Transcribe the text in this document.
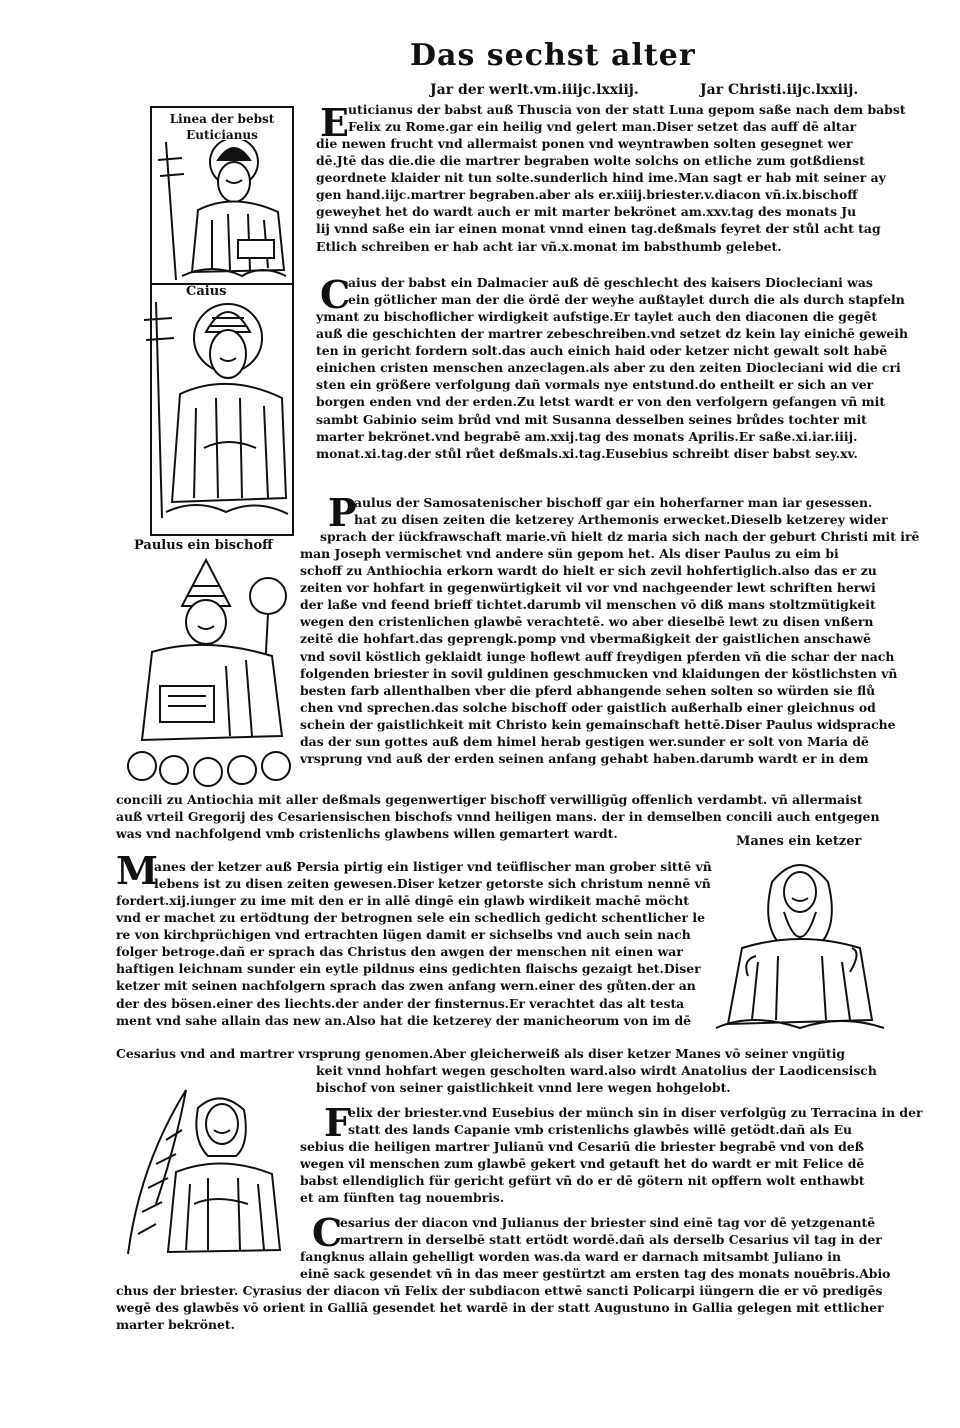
Das sechst alter
Jar der werlt.vm.iiijc.lxxiij.	Jar Christi.iijc.lxxiij.
Linea der bebst
Euticianus
Caius
Paulus ein bischoff
E uticianus der babst auß Thuscia von der statt Luna gepom saße nach dem babst
Felix zu Rome.gar ein heilig vnd gelert man.Diser setzet das auff dē altar
die newen frucht vnd allermaist ponen vnd weyntrawben solten gesegnet wer
dē.Jtē das die.die die martrer begraben wolte solchs on etliche zum gotßdienst
geordnete klaider nit tun solte.sunderlich hind ime.Man sagt er hab mit seiner ay
gen hand.iijc.martrer begraben.aber als er.xiiij.briester.v.diacon vñ.ix.bischoff
geweyhet het do wardt auch er mit marter bekrönet am.xxv.tag des monats Ju
lij vnnd saße ein iar einen monat vnnd einen tag.deßmals feyret der stůl acht tag
Etlich schreiben er hab acht iar vñ.x.monat im babsthumb gelebet.
C
aius der babst ein Dalmacier auß dē geschlecht des kaisers Diocleciani was
ein götlicher man der die ördē der weyhe außtaylet durch die als durch stapfeln
ymant zu bischoflicher wirdigkeit aufstige.Er taylet auch den diaconen die gegēt
auß die geschichten der martrer zebeschreiben.vnd setzet dz kein lay einichē geweih
ten in gericht fordern solt.das auch einich haid oder ketzer nicht gewalt solt habē
einichen cristen menschen anzeclagen.als aber zu den zeiten Diocleciani wid die cri
sten ein größere verfolgung dañ vormals nye entstund.do entheilt er sich an ver
borgen enden vnd der erden.Zu letst wardt er von den verfolgern gefangen vñ mit
sambt Gabinio seim brůd vnd mit Susanna desselben seines brůdes tochter mit
marter bekrönet.vnd begrabē am.xxij.tag des monats Aprilis.Er saße.xi.iar.iiij.
monat.xi.tag.der stůl růet deßmals.xi.tag.Eusebius schreibt diser babst sey.xv.
P
aulus der Samosatenischer bischoff gar ein hoherfarner man iar gesessen.
hat zu disen zeiten die ketzerey Arthemonis erwecket.Dieselb ketzerey wider
sprach der iückfrawschaft marie.vñ hielt dz maria sich nach der geburt Christi mit irē
man Joseph vermischet vnd andere sün gepom het. Als diser Paulus zu eim bi
schoff zu Anthiochia erkorn wardt do hielt er sich zevil hohfertiglich.also das er zu
zeiten vor hohfart in gegenwürtigkeit vil vor vnd nachgeender lewt schriften herwi
der laße vnd feend brieff tichtet.darumb vil menschen vō diß mans stoltzmütigkeit
wegen den cristenlichen glawbē verachtetē. wo aber dieselbē lewt zu disen vnßern
zeitē die hohfart.das geprengk.pomp vnd vbermaßigkeit der gaistlichen anschawē
vnd sovil köstlich geklaidt iunge hoflewt auff freydigen pferden vñ die schar der nach
folgenden briester in sovil guldinen geschmucken vnd klaidungen der köstlichsten vñ
besten farb allenthalben vber die pferd abhangende sehen solten so würden sie flů
chen vnd sprechen.das solche bischoff oder gaistlich außerhalb einer gleichnus od
schein der gaistlichkeit mit Christo kein gemainschaft hettē.Diser Paulus widsprache
das der sun gottes auß dem himel herab gestigen wer.sunder er solt von Maria dē
vrsprung vnd auß der erden seinen anfang gehabt haben.darumb wardt er in dem
concili zu Antiochia mit aller deßmals gegenwertiger bischoff verwilligūg offenlich verdambt. vñ allermaist
auß vrteil Gregorij des Cesariensischen bischofs vnnd heiligen mans. der in demselben concili auch entgegen
was vnd nachfolgend vmb cristenlichs glawbens willen gemartert wardt.
Manes ein ketzer
M
anes der ketzer auß Persia pirtig ein listiger vnd teüflischer man grober sittē vñ
lebens ist zu disen zeiten gewesen.Diser ketzer getorste sich christum nennē vñ
fordert.xij.iunger zu ime mit den er in allē dingē ein glawb wirdikeit machē möcht
vnd er machet zu ertödtung der betrognen sele ein schedlich gedicht schentlicher le
re von kirchprüchigen vnd ertrachten lügen damit er sichselbs vnd auch sein nach
folger betroge.dañ er sprach das Christus den awgen der menschen nit einen war
haftigen leichnam sunder ein eytle pildnus eins gedichten flaischs gezaigt het.Diser
ketzer mit seinen nachfolgern sprach das zwen anfang wern.einer des gůten.der an
der des bösen.einer des liechts.der ander der finsternus.Er verachtet das alt testa
ment vnd sahe allain das new an.Also hat die ketzerey der manicheorum von im dē
Cesarius vnd and martrer vrsprung genomen.Aber gleicherweiß als diser ketzer Manes vō seiner vngütig
keit vnnd hohfart wegen gescholten ward.also wirdt Anatolius der Laodicensisch
bischof von seiner gaistlichkeit vnnd lere wegen hohgelobt.
F
elix der briester.vnd Eusebius der münch sin in diser verfolgūg zu Terracina in der
statt des lands Capanie vmb cristenlichs glawbēs willē getödt.dañ als Eu
sebius die heiligen martrer Julianū vnd Cesariū die briester begrabē vnd von deß
wegen vil menschen zum glawbē gekert vnd getauft het do wardt er mit Felice dē
babst ellendiglich für gericht gefürt vñ do er dē götern nit opffern wolt enthawbt
et am fünften tag nouembris.
C
esarius der diacon vnd Julianus der briester sind einē tag vor dē yetzgenantē
martrern in derselbē statt ertödt wordē.dañ als derselb Cesarius vil tag in der
fangknus allain gehelligt worden was.da ward er darnach mitsambt Juliano in
einē sack gesendet vñ in das meer gestürtzt am ersten tag des monats nouēbris.Abio
chus der briester. Cyrasius der diacon vñ Felix der subdiacon ettwē sancti Policarpi iüngern die er vō predigēs
wegē des glawbēs vō orient in Galliā gesendet het wardē in der statt Augustuno in Gallia gelegen mit ettlicher
marter bekrönet.
